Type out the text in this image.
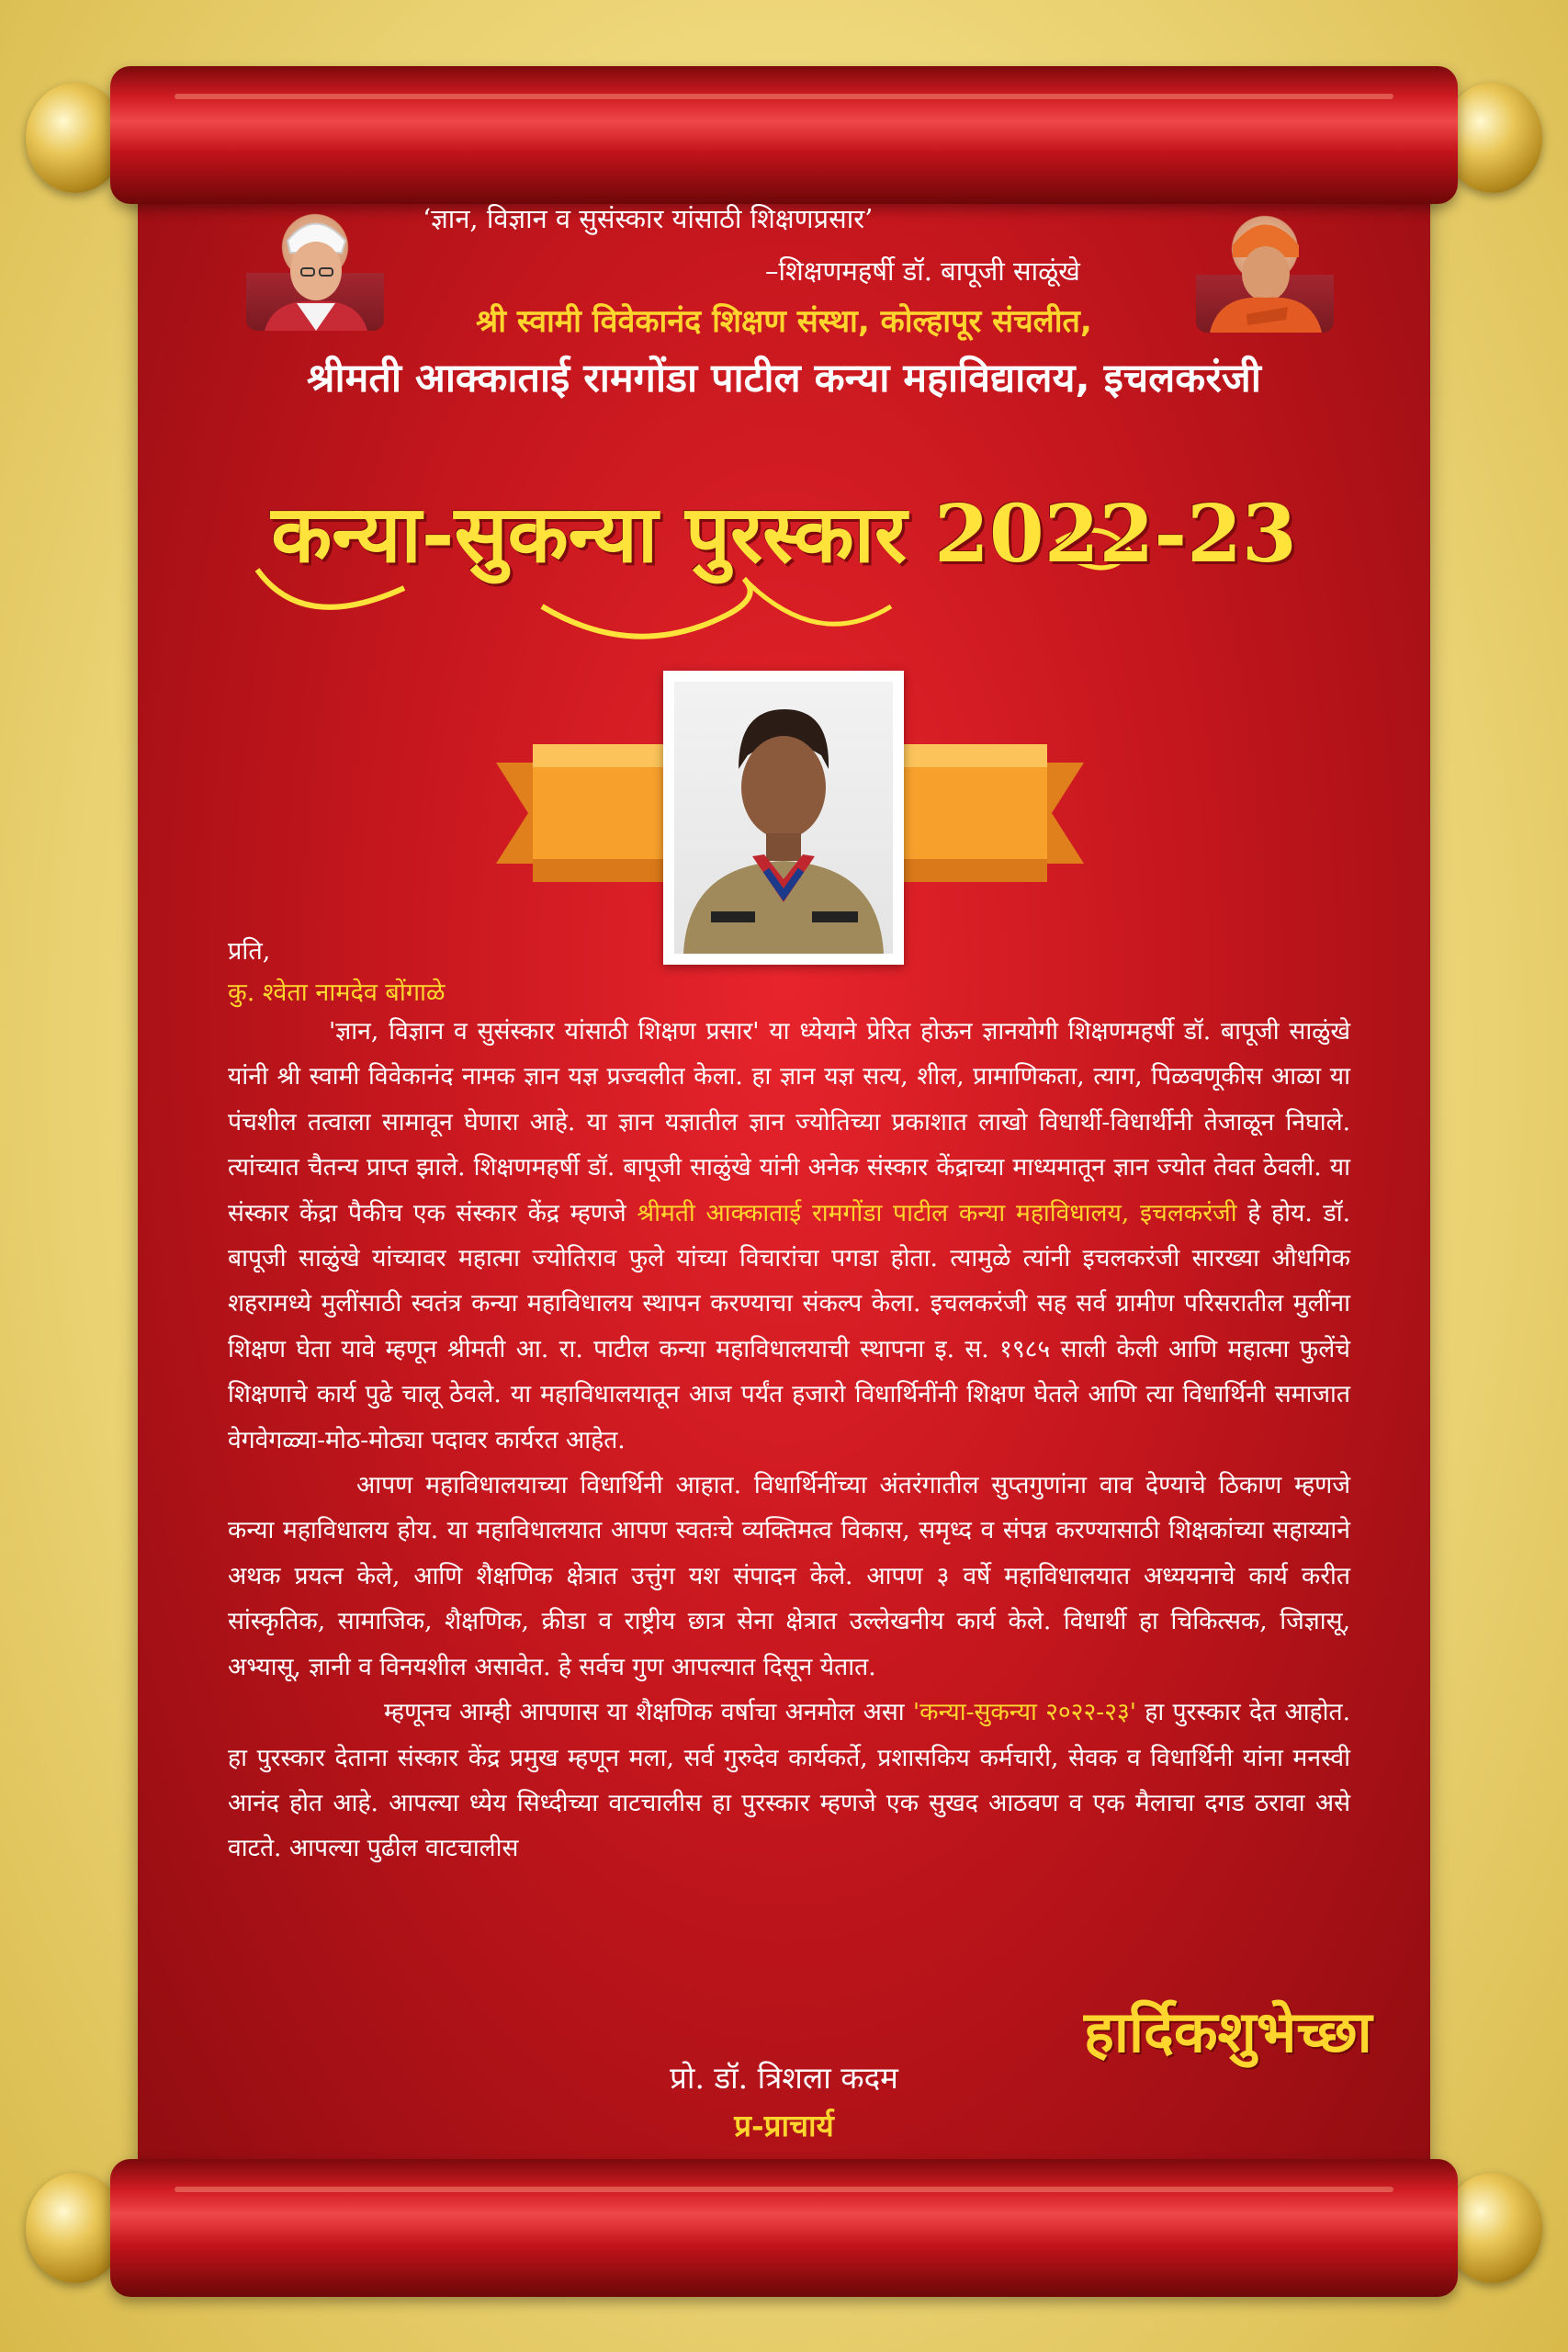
‘ज्ञान, विज्ञान व सुसंस्कार यांसाठी शिक्षणप्रसार’
–शिक्षणमहर्षी डॉ. बापूजी साळूंखे
श्री स्वामी विवेकानंद शिक्षण संस्था, कोल्हापूर संचलीत,
श्रीमती आक्काताई रामगोंडा पाटील कन्या महाविद्यालय, इचलकरंजी
कन्या-सुकन्या पुरस्कार 2022-23
प्रति,
कु. श्वेता नामदेव बोंगाळे

'ज्ञान, विज्ञान व सुसंस्कार यांसाठी शिक्षण प्रसार' या ध्येयाने प्रेरित होऊन ज्ञानयोगी शिक्षणमहर्षी डॉ. बापूजी साळुंखे यांनी श्री स्वामी विवेकानंद नामक ज्ञान यज्ञ प्रज्वलीत केला. हा ज्ञान यज्ञ सत्य, शील, प्रामाणिकता, त्याग, पिळवणूकीस आळा या पंचशील तत्वाला सामावून घेणारा आहे. या ज्ञान यज्ञातील ज्ञान ज्योतिच्या प्रकाशात लाखो विधार्थी-विधार्थीनी तेजाळून निघाले. त्यांच्यात चैतन्य प्राप्त झाले. शिक्षणमहर्षी डॉ. बापूजी साळुंखे यांनी अनेक संस्कार केंद्राच्या माध्यमातून ज्ञान ज्योत तेवत ठेवली. या संस्कार केंद्रा पैकीच एक संस्कार केंद्र म्हणजे श्रीमती आक्काताई रामगोंडा पाटील कन्या महाविधालय, इचलकरंजी हे होय. डॉ. बापूजी साळुंखे यांच्यावर महात्मा ज्योतिराव फुले यांच्या विचारांचा पगडा होता. त्यामुळे त्यांनी इचलकरंजी सारख्या औधगिक शहरामध्ये मुलींसाठी स्वतंत्र कन्या महाविधालय स्थापन करण्याचा संकल्प केला. इचलकरंजी सह सर्व ग्रामीण परिसरातील मुलींना शिक्षण घेता यावे म्हणून श्रीमती आ. रा. पाटील कन्या महाविधालयाची स्थापना इ. स. १९८५ साली केली आणि महात्मा फुलेंचे शिक्षणाचे कार्य पुढे चालू ठेवले. या महाविधालयातून आज पर्यंत हजारो विधार्थिनींनी शिक्षण घेतले आणि त्या विधार्थिनी समाजात वेगवेगळ्या-मोठ-मोठ्या पदावर कार्यरत आहेत.

आपण महाविधालयाच्या विधार्थिनी आहात. विधार्थिनींच्या अंतरंगातील सुप्तगुणांना वाव देण्याचे ठिकाण म्हणजे कन्या महाविधालय होय. या महाविधालयात आपण स्वतःचे व्यक्तिमत्व विकास, समृध्द व संपन्न करण्यासाठी शिक्षकांच्या सहाय्याने अथक प्रयत्न केले, आणि शैक्षणिक क्षेत्रात उत्तुंग यश संपादन केले. आपण ३ वर्षे महाविधालयात अध्ययनाचे कार्य करीत सांस्कृतिक, सामाजिक, शैक्षणिक, क्रीडा व राष्ट्रीय छात्र सेना क्षेत्रात उल्लेखनीय कार्य केले. विधार्थी हा चिकित्सक, जिज्ञासू, अभ्यासू, ज्ञानी व विनयशील असावेत. हे सर्वच गुण आपल्यात दिसून येतात.

म्हणूनच आम्ही आपणास या शैक्षणिक वर्षाचा अनमोल असा 'कन्या-सुकन्या २०२२-२३' हा पुरस्कार देत आहोत. हा पुरस्कार देताना संस्कार केंद्र प्रमुख म्हणून मला, सर्व गुरुदेव कार्यकर्ते, प्रशासकिय कर्मचारी, सेवक व विधार्थिनी यांना मनस्वी आनंद होत आहे. आपल्या ध्येय सिध्दीच्या वाटचालीस हा पुरस्कार म्हणजे एक सुखद आठवण व एक मैलाचा दगड ठरावा असे वाटते. आपल्या पुढील वाटचालीस

हार्दिकशुभेच्छा
प्रो. डॉ. त्रिशला कदम
प्र-प्राचार्य
